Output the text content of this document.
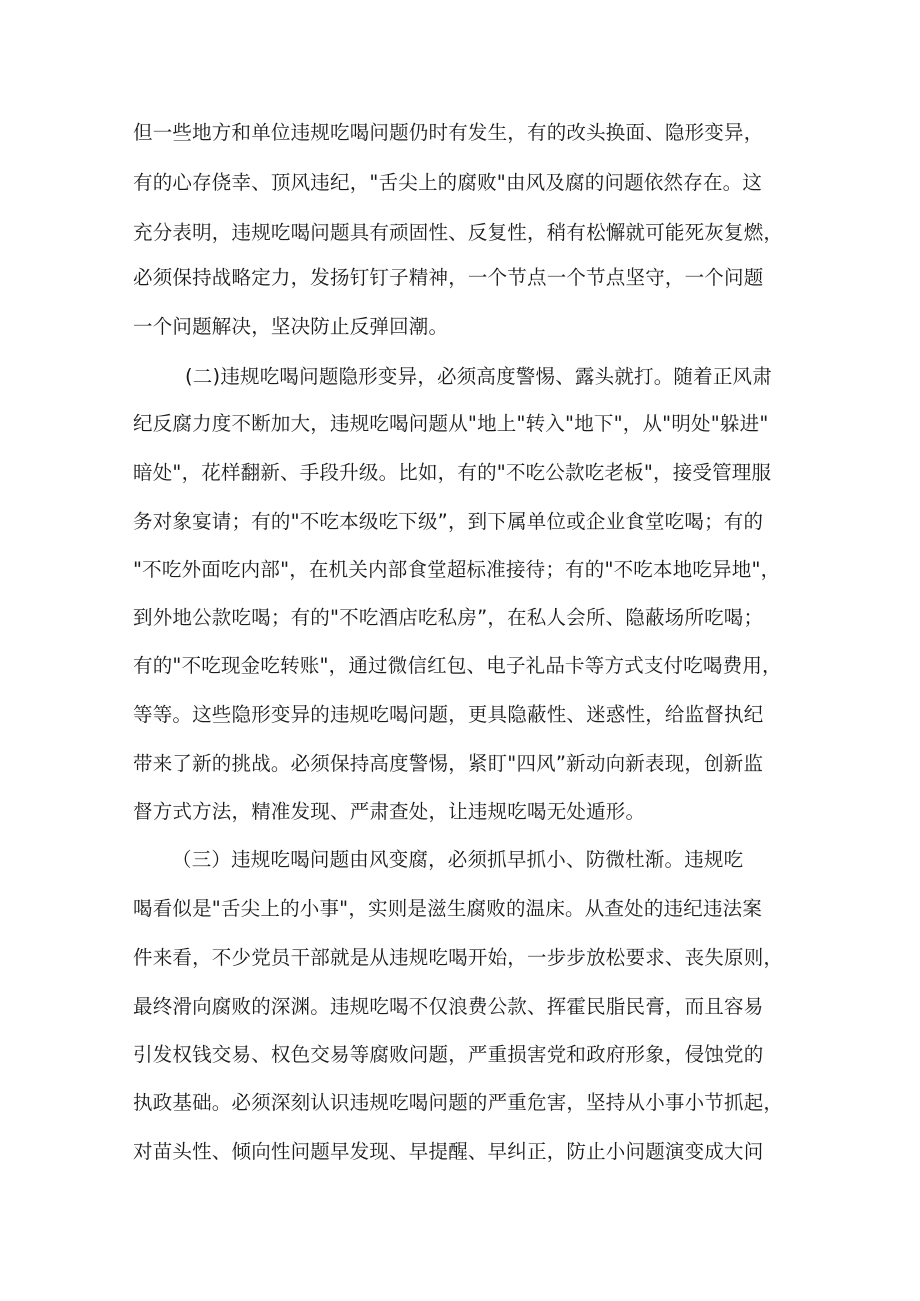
但一些地方和单位违规吃喝问题仍时有发生，有的改头换面、隐形变异，
有的心存侥幸、顶风违纪，"舌尖上的腐败"由风及腐的问题依然存在。这
充分表明，违规吃喝问题具有顽固性、反复性，稍有松懈就可能死灰复燃，
必须保持战略定力，发扬钉钉子精神，一个节点一个节点坚守，一个问题
一个问题解决，坚决防止反弹回潮。
(二)违规吃喝问题隐形变异，必须高度警惕、露头就打。随着正风肃
纪反腐力度不断加大，违规吃喝问题从"地上"转入"地下"，从"明处"躲进"
暗处"，花样翻新、手段升级。比如，有的"不吃公款吃老板"，接受管理服
务对象宴请；有的"不吃本级吃下级”，到下属单位或企业食堂吃喝；有的
"不吃外面吃内部"，在机关内部食堂超标准接待；有的"不吃本地吃异地"，
到外地公款吃喝；有的"不吃酒店吃私房”，在私人会所、隐蔽场所吃喝；
有的"不吃现金吃转账"，通过微信红包、电子礼品卡等方式支付吃喝费用，
等等。这些隐形变异的违规吃喝问题，更具隐蔽性、迷惑性，给监督执纪
带来了新的挑战。必须保持高度警惕，紧盯"四风”新动向新表现，创新监
督方式方法，精准发现、严肃查处，让违规吃喝无处遁形。
（三）违规吃喝问题由风变腐，必须抓早抓小、防微杜渐。违规吃
喝看似是"舌尖上的小事"，实则是滋生腐败的温床。从查处的违纪违法案
件来看，不少党员干部就是从违规吃喝开始，一步步放松要求、丧失原则，
最终滑向腐败的深渊。违规吃喝不仅浪费公款、挥霍民脂民膏，而且容易
引发权钱交易、权色交易等腐败问题，严重损害党和政府形象，侵蚀党的
执政基础。必须深刻认识违规吃喝问题的严重危害，坚持从小事小节抓起，
对苗头性、倾向性问题早发现、早提醒、早纠正，防止小问题演变成大问
